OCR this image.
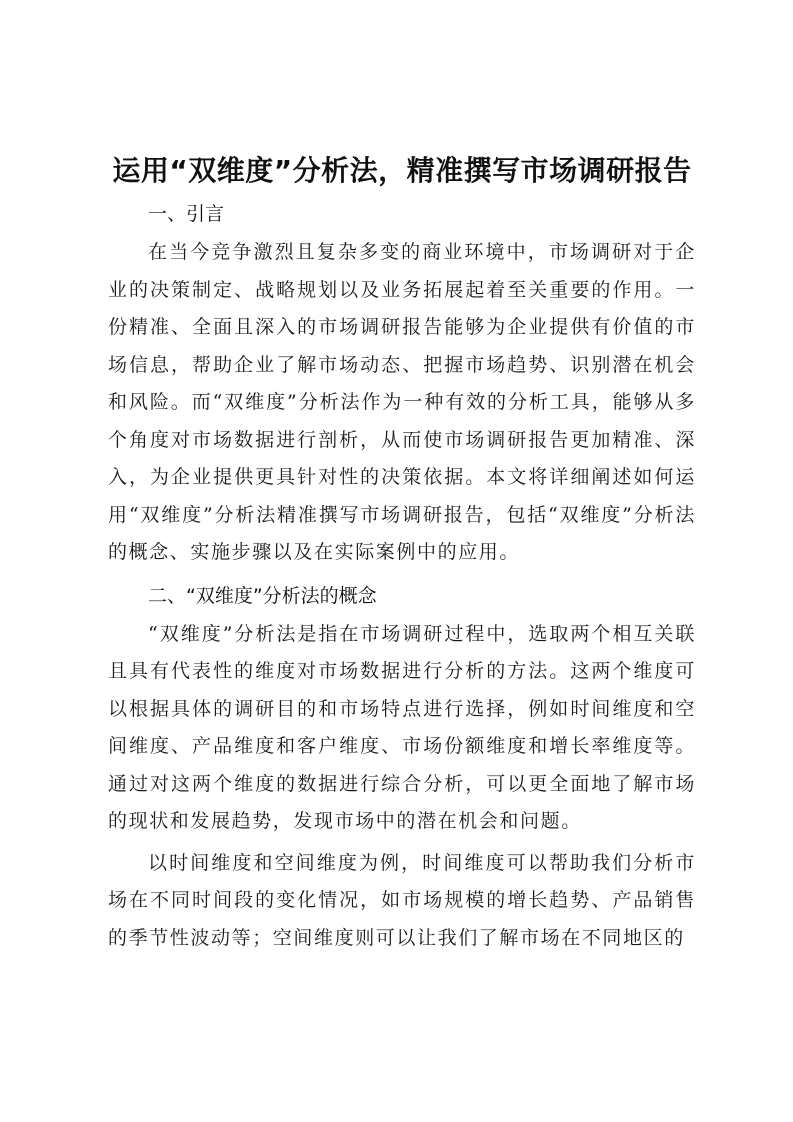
运用“双维度”分析法，精准撰写市场调研报告
一、引言

在当今竞争激烈且复杂多变的商业环境中，市场调研对于企业的决策制定、战略规划以及业务拓展起着至关重要的作用。一份精准、全面且深入的市场调研报告能够为企业提供有价值的市场信息，帮助企业了解市场动态、把握市场趋势、识别潜在机会和风险。而“双维度”分析法作为一种有效的分析工具，能够从多个角度对市场数据进行剖析，从而使市场调研报告更加精准、深入，为企业提供更具针对性的决策依据。本文将详细阐述如何运用“双维度”分析法精准撰写市场调研报告，包括“双维度”分析法的概念、实施步骤以及在实际案例中的应用。

二、“双维度”分析法的概念

“双维度”分析法是指在市场调研过程中，选取两个相互关联且具有代表性的维度对市场数据进行分析的方法。这两个维度可以根据具体的调研目的和市场特点进行选择，例如时间维度和空间维度、产品维度和客户维度、市场份额维度和增长率维度等。通过对这两个维度的数据进行综合分析，可以更全面地了解市场的现状和发展趋势，发现市场中的潜在机会和问题。

以时间维度和空间维度为例，时间维度可以帮助我们分析市场在不同时间段的变化情况，如市场规模的增长趋势、产品销售的季节性波动等；空间维度则可以让我们了解市场在不同地区的
